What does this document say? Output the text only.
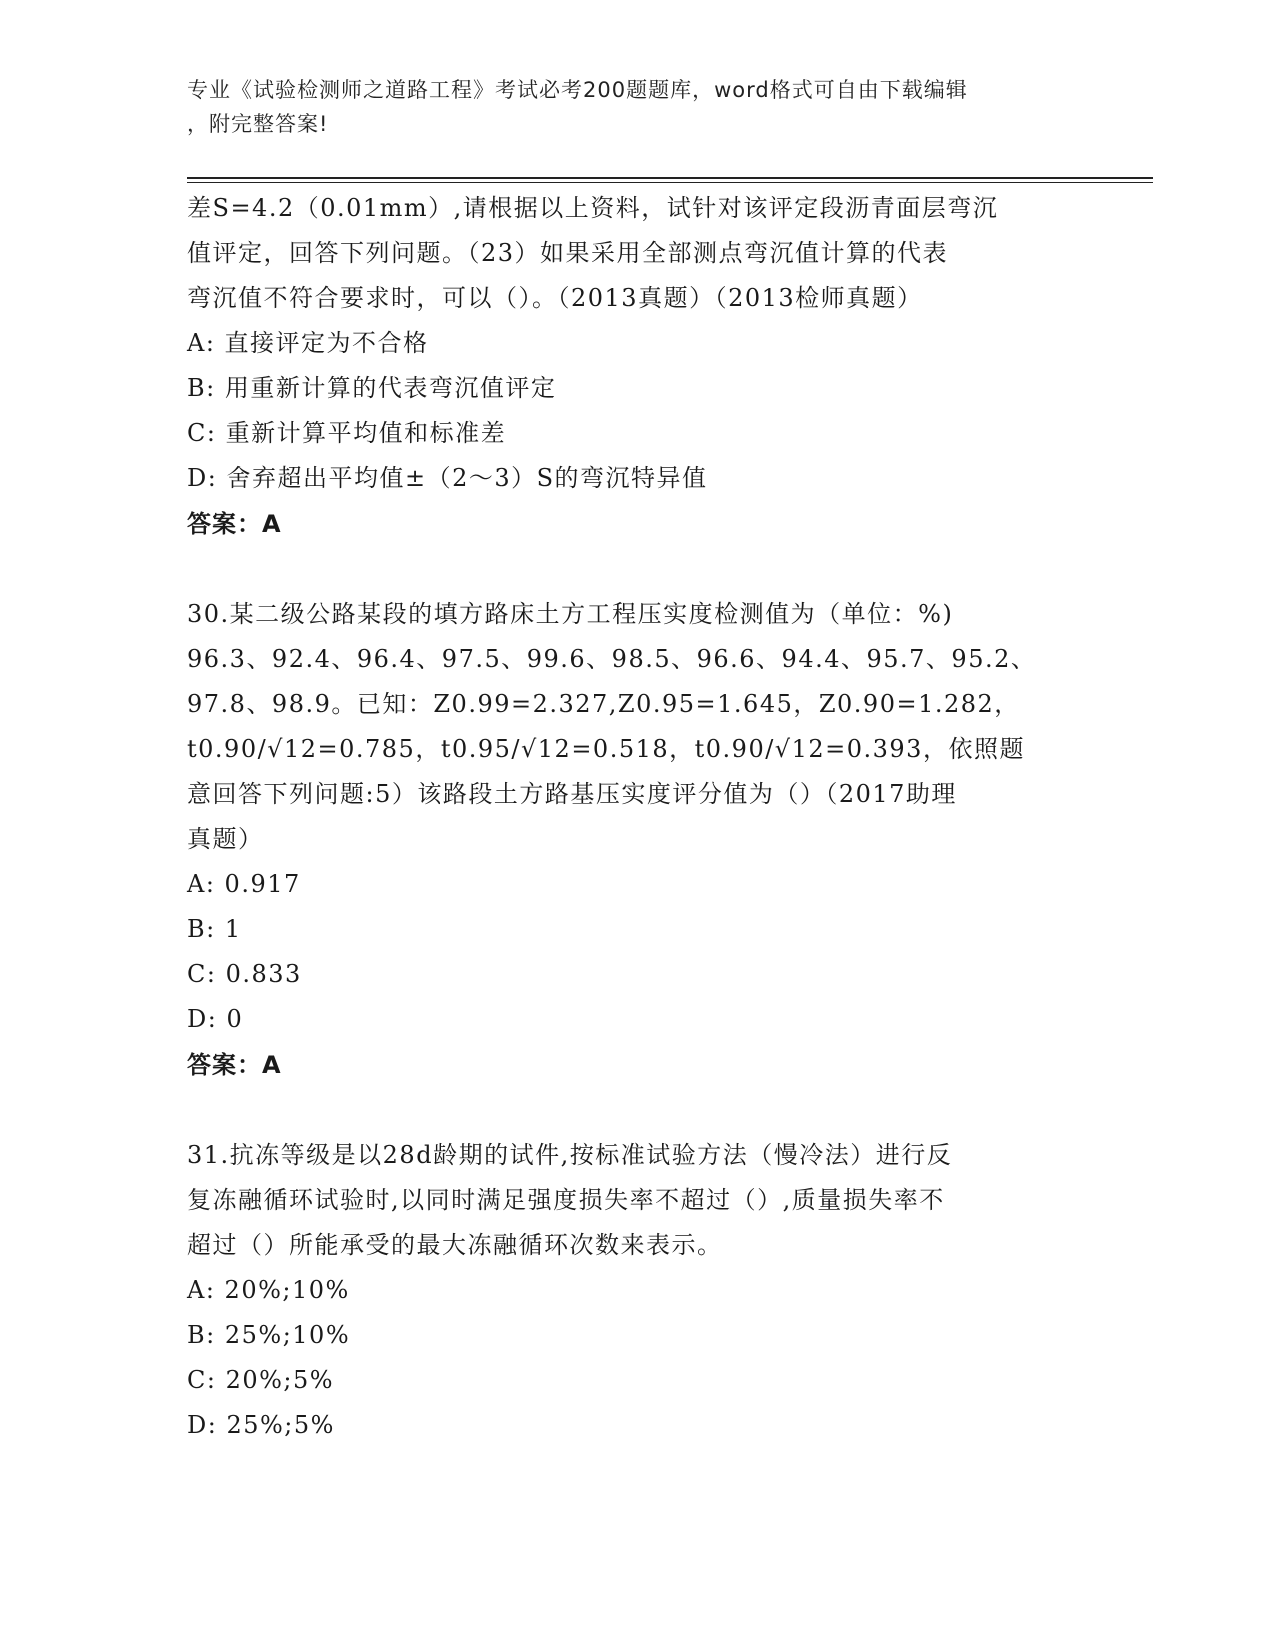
专业《试验检测师之道路工程》考试必考200题题库，word格式可自由下载编辑
，附完整答案!
差S=4.2（0.01mm）,请根据以上资料，试针对该评定段沥青面层弯沉
值评定，回答下列问题。（23）如果采用全部测点弯沉值计算的代表
弯沉值不符合要求时，可以（）。（2013真题）（2013检师真题）
A: 直接评定为不合格
B: 用重新计算的代表弯沉值评定
C: 重新计算平均值和标准差
D: 舍弃超出平均值±（2～3）S的弯沉特异值
答案：A
30.某二级公路某段的填方路床土方工程压实度检测值为（单位：%)
96.3、92.4、96.4、97.5、99.6、98.5、96.6、94.4、95.7、95.2、
97.8、98.9。已知：Z0.99=2.327,Z0.95=1.645，Z0.90=1.282，
t0.90/√12=0.785，t0.95/√12=0.518，t0.90/√12=0.393，依照题
意回答下列问题:5）该路段土方路基压实度评分值为（）（2017助理
真题）
A: 0.917
B: 1
C: 0.833
D: 0
答案：A
31.抗冻等级是以28d龄期的试件,按标准试验方法（慢冷法）进行反
复冻融循环试验时,以同时满足强度损失率不超过（）,质量损失率不
超过（）所能承受的最大冻融循环次数来表示。
A: 20%;10%
B: 25%;10%
C: 20%;5%
D: 25%;5%
